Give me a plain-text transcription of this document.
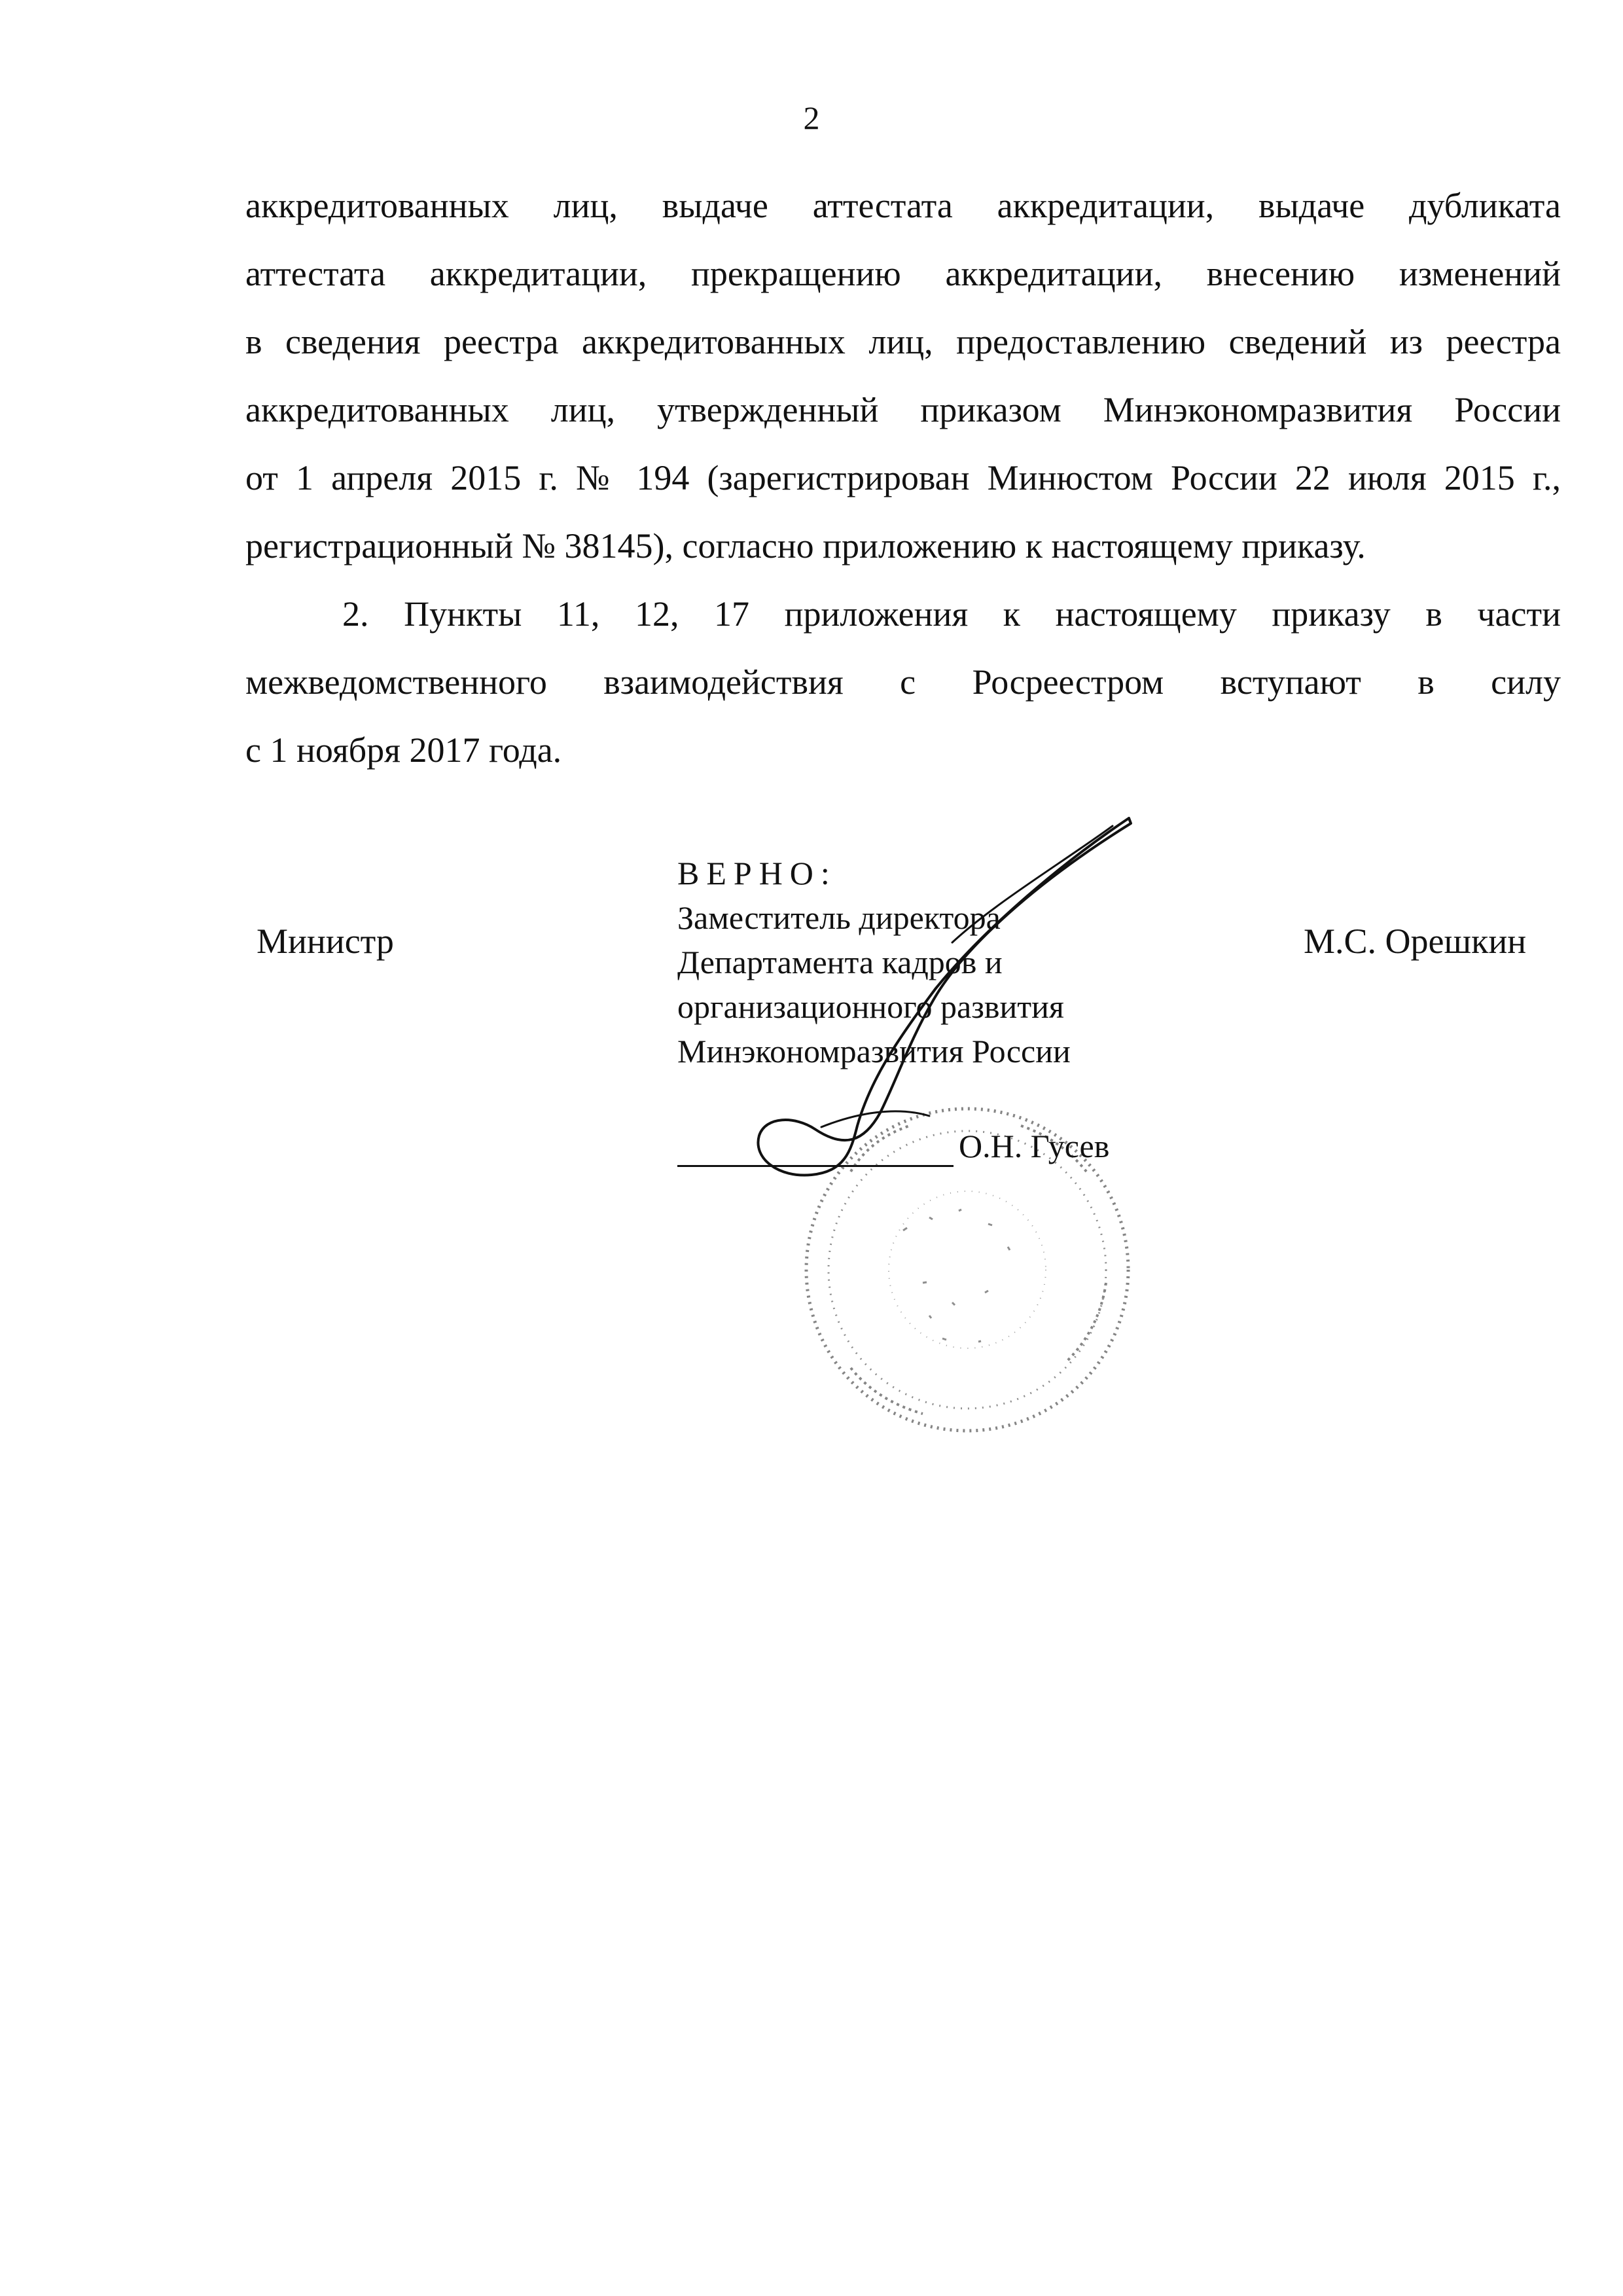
2
аккредитованных лиц, выдаче аттестата аккредитации, выдаче дубликата
аттестата аккредитации, прекращению аккредитации, внесению изменений
в сведения реестра аккредитованных лиц, предоставлению сведений из реестра
аккредитованных лиц, утвержденный приказом Минэкономразвития России
от 1 апреля 2015 г. № 194 (зарегистрирован Минюстом России 22 июля 2015 г.,
регистрационный № 38145), согласно приложению к настоящему приказу.
2. Пункты 11, 12, 17 приложения к настоящему приказу в части
межведомственного взаимодействия с Росреестром вступают в силу
с 1 ноября 2017 года.
Министр	М.С. Орешкин
ВЕРНО:
Заместитель директора
Департамента кадров и
организационного развития
Минэкономразвития России
О.Н. Гусев
